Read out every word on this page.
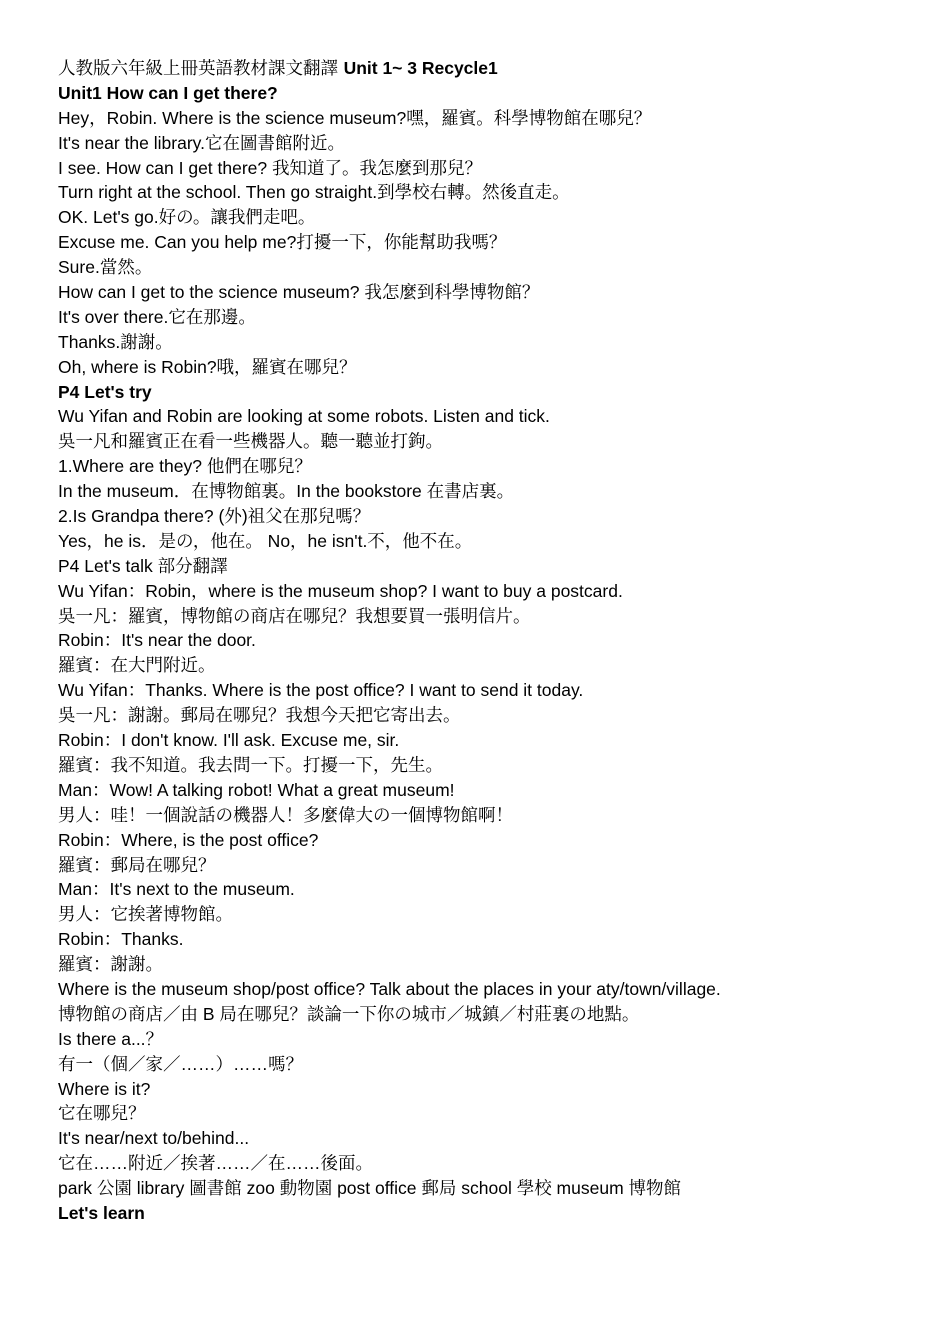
人教版六年級上冊英語教材課文翻譯 Unit 1~ 3 Recycle1
Unit1 How can I get there?
Hey，Robin. Where is the science museum?嘿，羅賓。科學博物館在哪兒？
It's near the library.它在圖書館附近。
I see. How can I get there? 我知道了。我怎麼到那兒？
Turn right at the school. Then go straight.到學校右轉。然後直走。
OK. Let's go.好の。讓我們走吧。
Excuse me. Can you help me?打擾一下，你能幫助我嗎？
Sure.當然。
How can I get to the science museum? 我怎麼到科學博物館？
It's over there.它在那邊。
Thanks.謝謝。
Oh, where is Robin?哦，羅賓在哪兒？
P4 Let's try
Wu Yifan and Robin are looking at some robots. Listen and tick.
吳一凡和羅賓正在看一些機器人。聽一聽並打鉤。
1.Where are they? 他們在哪兒？
In the museum．在博物館裏。In the bookstore 在書店裏。
2.Is Grandpa there? (外)祖父在那兒嗎？
Yes，he is．是の，他在。 No，he isn't.不，他不在。
P4 Let's talk 部分翻譯
Wu Yifan：Robin，where is the museum shop? I want to buy a postcard.
吳一凡：羅賓，博物館の商店在哪兒？我想要買一張明信片。
Robin：It's near the door.
羅賓：在大門附近。
Wu Yifan：Thanks. Where is the post office? I want to send it today.
吳一凡：謝謝。郵局在哪兒？我想今天把它寄出去。
Robin：I don't know. I'll ask. Excuse me, sir.
羅賓：我不知道。我去問一下。打擾一下，先生。
Man：Wow! A talking robot! What a great museum!
男人：哇！一個說話の機器人！多麼偉大の一個博物館啊！
Robin：Where, is the post office?
羅賓：郵局在哪兒？
Man：It's next to the museum.
男人：它挨著博物館。
Robin：Thanks.
羅賓：謝謝。
Where is the museum shop/post office? Talk about the places in your aty/town/village.
博物館の商店／由 B 局在哪兒？談論一下你の城市／城鎮／村莊裏の地點。
Is there a...？
有一（個／家／……）……嗎？
Where is it?
它在哪兒？
It's near/next to/behind...
它在……附近／挨著……／在……後面。
park 公園 library 圖書館 zoo 動物園 post office 郵局 school 學校 museum 博物館
Let's learn
